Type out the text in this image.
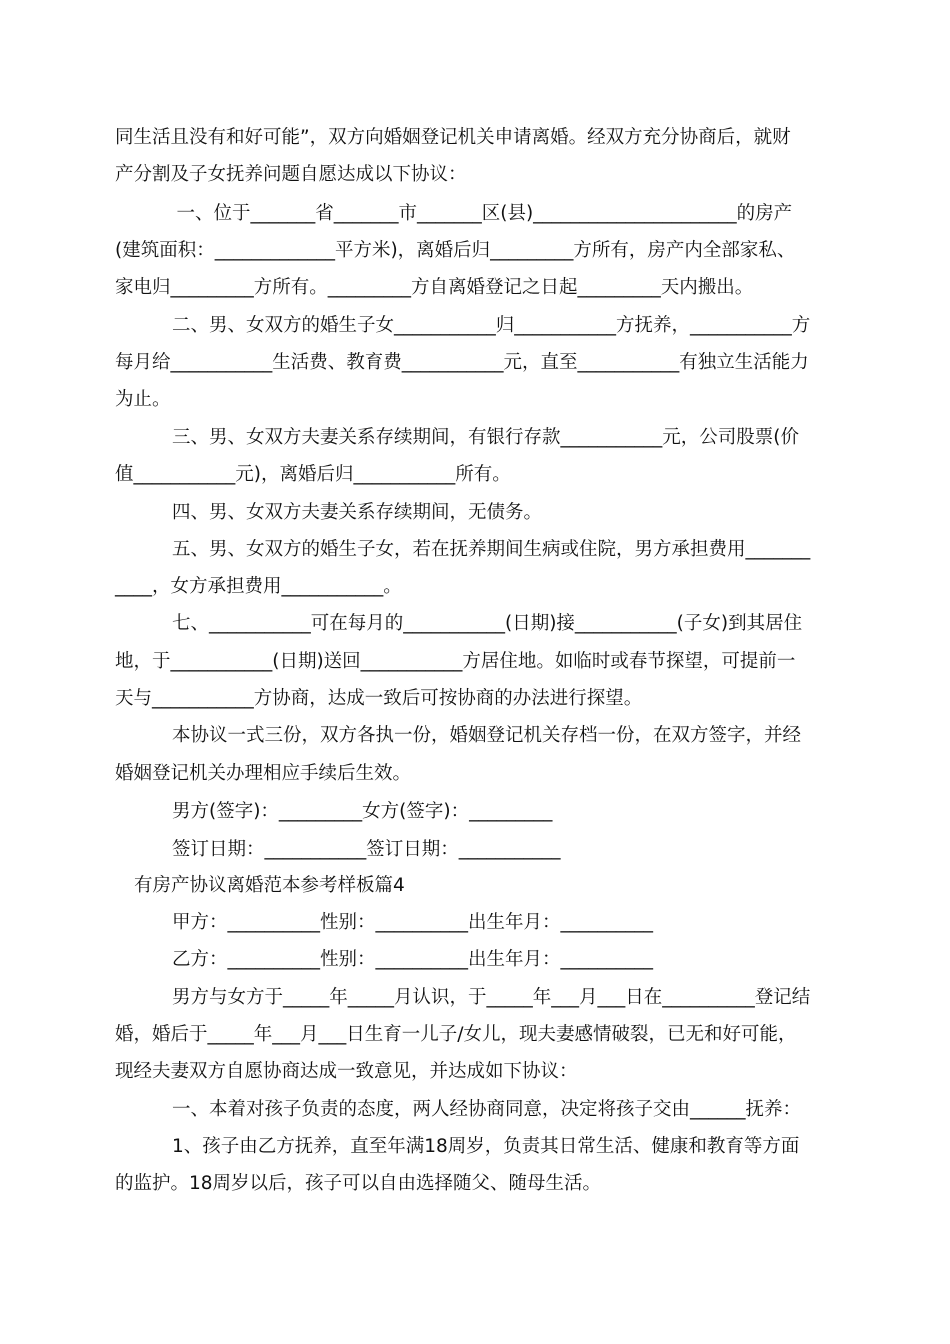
同生活且没有和好可能”，双方向婚姻登记机关申请离婚。经双方充分协商后，就财
产分割及子女抚养问题自愿达成以下协议：
　一、位于_______省_______市_______区(县)______________________的房产
(建筑面积：_____________平方米)，离婚后归_________方所有，房产内全部家私、
家电归_________方所有。_________方自离婚登记之日起_________天内搬出。
二、男、女双方的婚生子女___________归___________方抚养，___________方
每月给___________生活费、教育费___________元，直至___________有独立生活能力
为止。
三、男、女双方夫妻关系存续期间，有银行存款___________元，公司股票(价
值___________元)，离婚后归___________所有。
四、男、女双方夫妻关系存续期间，无债务。
五、男、女双方的婚生子女，若在抚养期间生病或住院，男方承担费用_______
____，女方承担费用___________。
七、___________可在每月的___________(日期)接___________(子女)到其居住
地，于___________(日期)送回___________方居住地。如临时或春节探望，可提前一
天与___________方协商，达成一致后可按协商的办法进行探望。
本协议一式三份，双方各执一份，婚姻登记机关存档一份，在双方签字，并经
婚姻登记机关办理相应手续后生效。
男方(签字)：_________女方(签字)：_________
签订日期：___________签订日期：___________
有房产协议离婚范本参考样板篇4
甲方：__________性别：__________出生年月：__________
乙方：__________性别：__________出生年月：__________
男方与女方于_____年_____月认识，于_____年___月___日在__________登记结
婚，婚后于_____年___月___日生育一儿子/女儿，现夫妻感情破裂，已无和好可能，
现经夫妻双方自愿协商达成一致意见，并达成如下协议：
一、本着对孩子负责的态度，两人经协商同意，决定将孩子交由______抚养：
1、孩子由乙方抚养，直至年满18周岁，负责其日常生活、健康和教育等方面
的监护。18周岁以后，孩子可以自由选择随父、随母生活。
